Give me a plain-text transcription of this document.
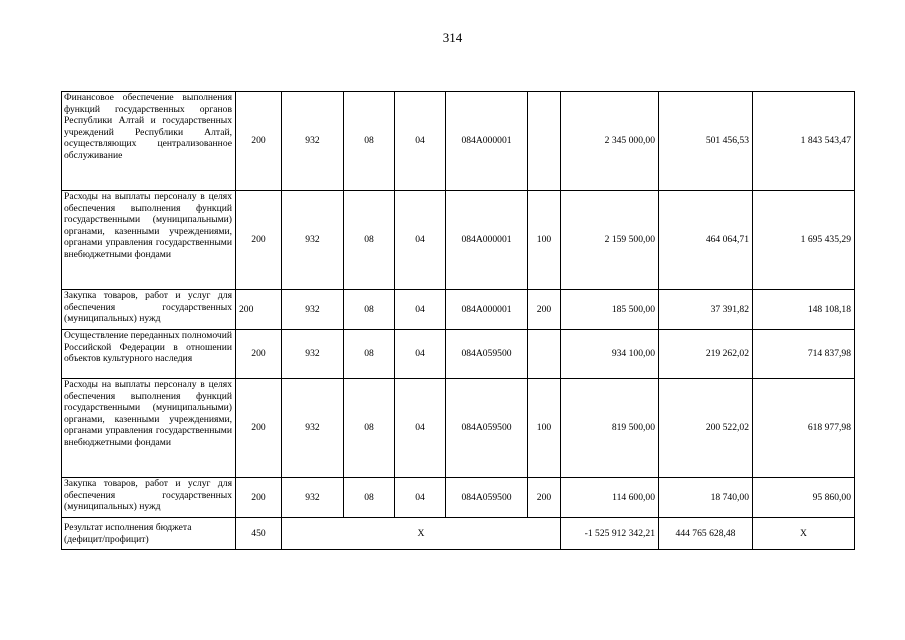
314
Финансовое обеспечение выполнения функций государственных органов Республики Алтай и государственных учреждений Республики Алтай, осуществляющих централизованное обслуживание	200	932	08	04	084А000001		2 345 000,00	501 456,53	1 843 543,47
Расходы на выплаты персоналу в целях обеспечения выполнения функций государственными (муниципальными) органами, казенными учреждениями, органами управления государственными внебюджетными фондами	200	932	08	04	084А000001	100	2 159 500,00	464 064,71	1 695 435,29
Закупка товаров, работ и услуг для обеспечения государственных (муниципальных) нужд	200	932	08	04	084А000001	200	185 500,00	37 391,82	148 108,18
Осуществление переданных полномочий Российской Федерации в отношении объектов культурного наследия	200	932	08	04	084А059500		934 100,00	219 262,02	714 837,98
Расходы на выплаты персоналу в целях обеспечения выполнения функций государственными (муниципальными) органами, казенными учреждениями, органами управления государственными внебюджетными фондами	200	932	08	04	084А059500	100	819 500,00	200 522,02	618 977,98
Закупка товаров, работ и услуг для обеспечения государственных (муниципальных) нужд	200	932	08	04	084А059500	200	114 600,00	18 740,00	95 860,00
Результат исполнения бюджета (дефицит/профицит)	450	X					-1 525 912 342,21	444 765 628,48	X
